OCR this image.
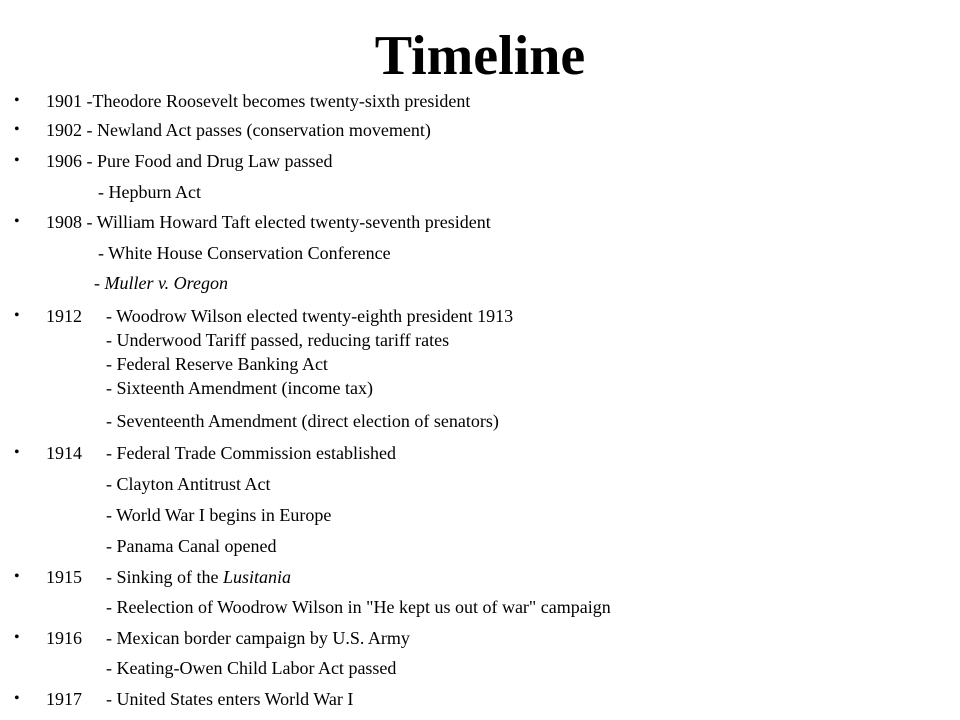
Timeline
• 1901 -Theodore Roosevelt becomes twenty-sixth president
• 1902 - Newland Act passes (conservation movement)
• 1906 - Pure Food and Drug Law passed
- Hepburn Act
• 1908 - William Howard Taft elected twenty-seventh president
- White House Conservation Conference
- Muller v. Oregon
• 1912 - Woodrow Wilson elected twenty-eighth president 1913
- Underwood Tariff passed, reducing tariff rates
- Federal Reserve Banking Act
- Sixteenth Amendment (income tax)
- Seventeenth Amendment (direct election of senators)
• 1914 - Federal Trade Commission established
- Clayton Antitrust Act
- World War I begins in Europe
- Panama Canal opened
• 1915 - Sinking of the Lusitania
- Reelection of Woodrow Wilson in "He kept us out of war" campaign
• 1916 - Mexican border campaign by U.S. Army
- Keating-Owen Child Labor Act passed
• 1917 - United States enters World War I
